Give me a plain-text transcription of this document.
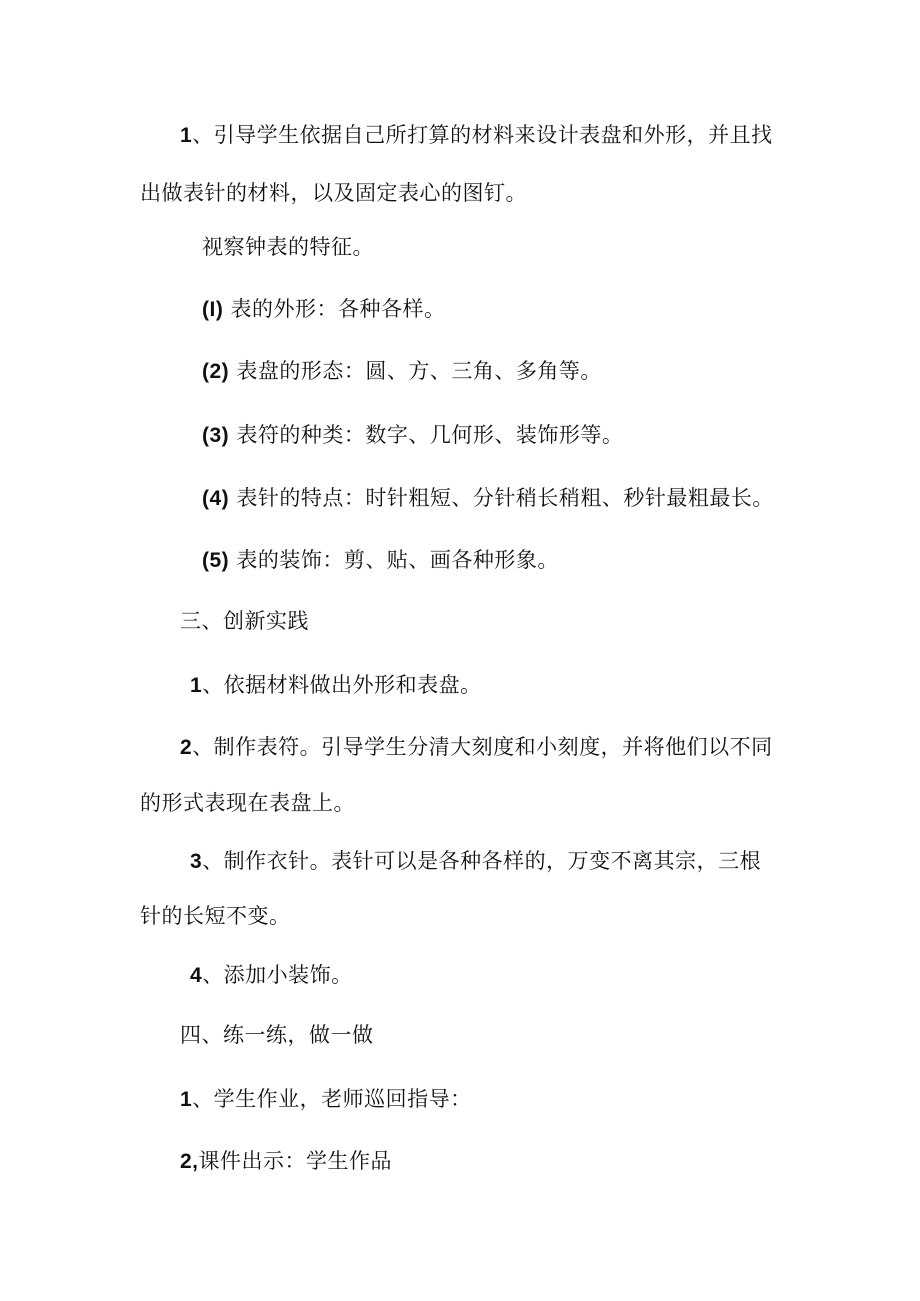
1、引导学生依据自己所打算的材料来设计表盘和外形，并且找
出做表针的材料，以及固定表心的图钉。
视察钟表的特征。
(I) 表的外形：各种各样。
(2) 表盘的形态：圆、方、三角、多角等。
(3) 表符的种类：数字、几何形、装饰形等。
(4) 表针的特点：时针粗短、分针稍长稍粗、秒针最粗最长。
(5) 表的装饰：剪、贴、画各种形象。
三、创新实践
1、依据材料做出外形和表盘。
2、制作表符。引导学生分清大刻度和小刻度，并将他们以不同
的形式表现在表盘上。
3、制作衣针。表针可以是各种各样的，万变不离其宗，三根
针的长短不变。
4、添加小装饰。
四、练一练，做一做
1、学生作业，老师巡回指导：
2,课件出示：学生作品
